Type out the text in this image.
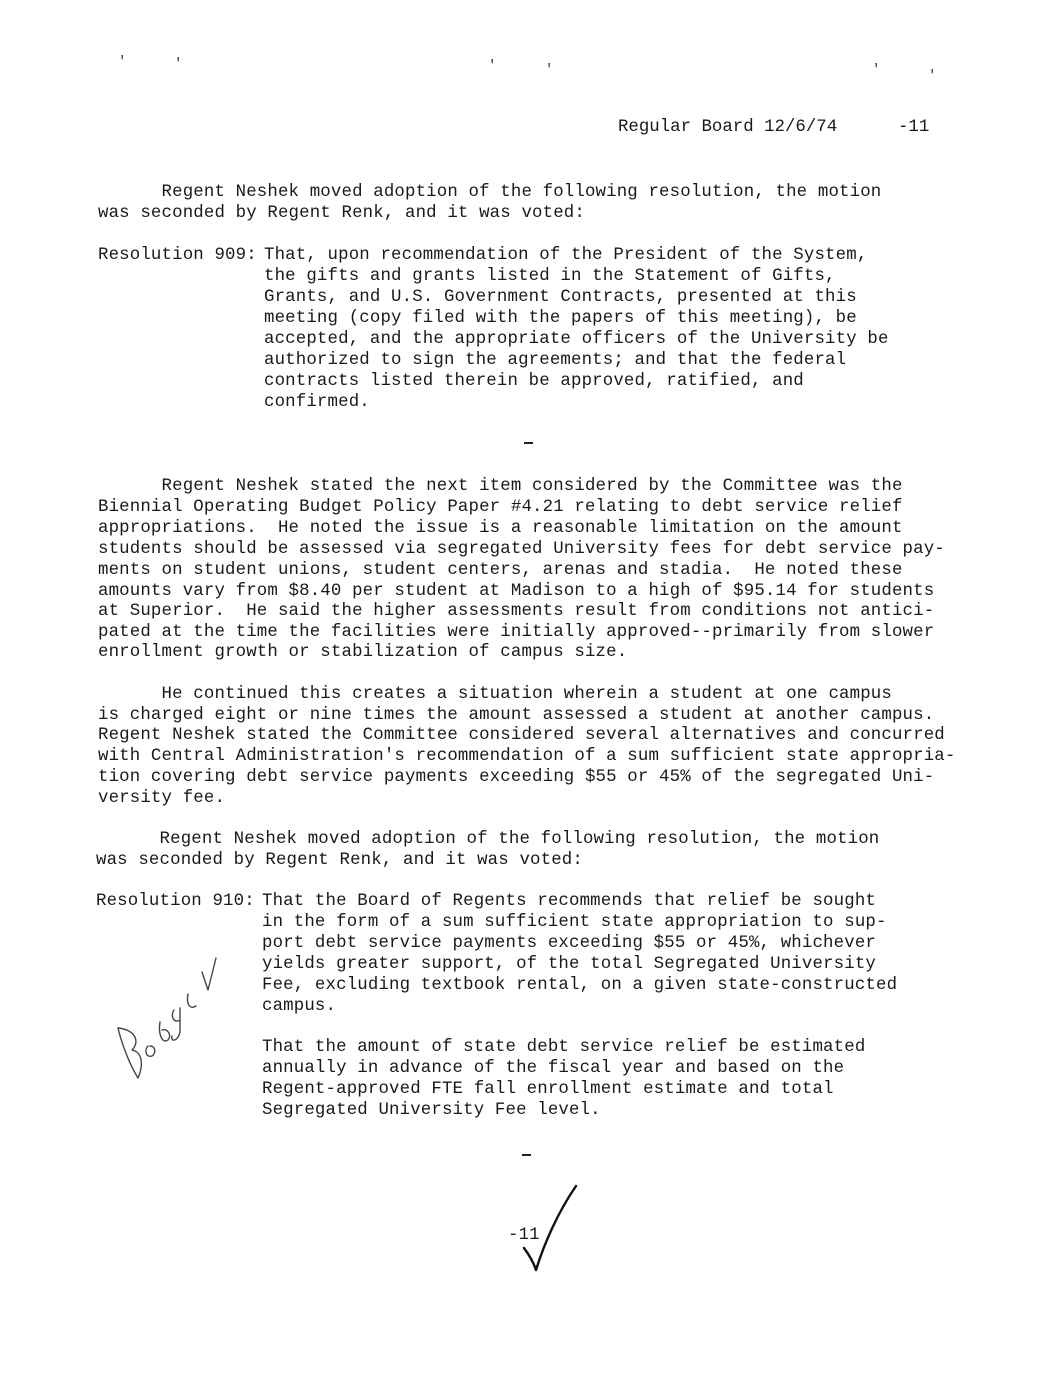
'	'	'	'	'	'
Regular Board 12/6/74	-11
Regent Neshek moved adoption of the following resolution, the motion
was seconded by Regent Renk, and it was voted:
Resolution 909: That, upon recommendation of the President of the System,
the gifts and grants listed in the Statement of Gifts,
Grants, and U.S. Government Contracts, presented at this
meeting (copy filed with the papers of this meeting), be
accepted, and the appropriate officers of the University be
authorized to sign the agreements; and that the federal
contracts listed therein be approved, ratified, and
confirmed.
Regent Neshek stated the next item considered by the Committee was the
Biennial Operating Budget Policy Paper #4.21 relating to debt service relief
appropriations.  He noted the issue is a reasonable limitation on the amount
students should be assessed via segregated University fees for debt service pay-
ments on student unions, student centers, arenas and stadia.  He noted these
amounts vary from $8.40 per student at Madison to a high of $95.14 for students
at Superior.  He said the higher assessments result from conditions not antici-
pated at the time the facilities were initially approved--primarily from slower
enrollment growth or stabilization of campus size.
He continued this creates a situation wherein a student at one campus
is charged eight or nine times the amount assessed a student at another campus.
Regent Neshek stated the Committee considered several alternatives and concurred
with Central Administration's recommendation of a sum sufficient state appropria-
tion covering debt service payments exceeding $55 or 45% of the segregated Uni-
versity fee.
Regent Neshek moved adoption of the following resolution, the motion
was seconded by Regent Renk, and it was voted:
Resolution 910: That the Board of Regents recommends that relief be sought
in the form of a sum sufficient state appropriation to sup-
port debt service payments exceeding $55 or 45%, whichever
yields greater support, of the total Segregated University
Fee, excluding textbook rental, on a given state-constructed
campus.
That the amount of state debt service relief be estimated
annually in advance of the fiscal year and based on the
Regent-approved FTE fall enrollment estimate and total
Segregated University Fee level.
-11
